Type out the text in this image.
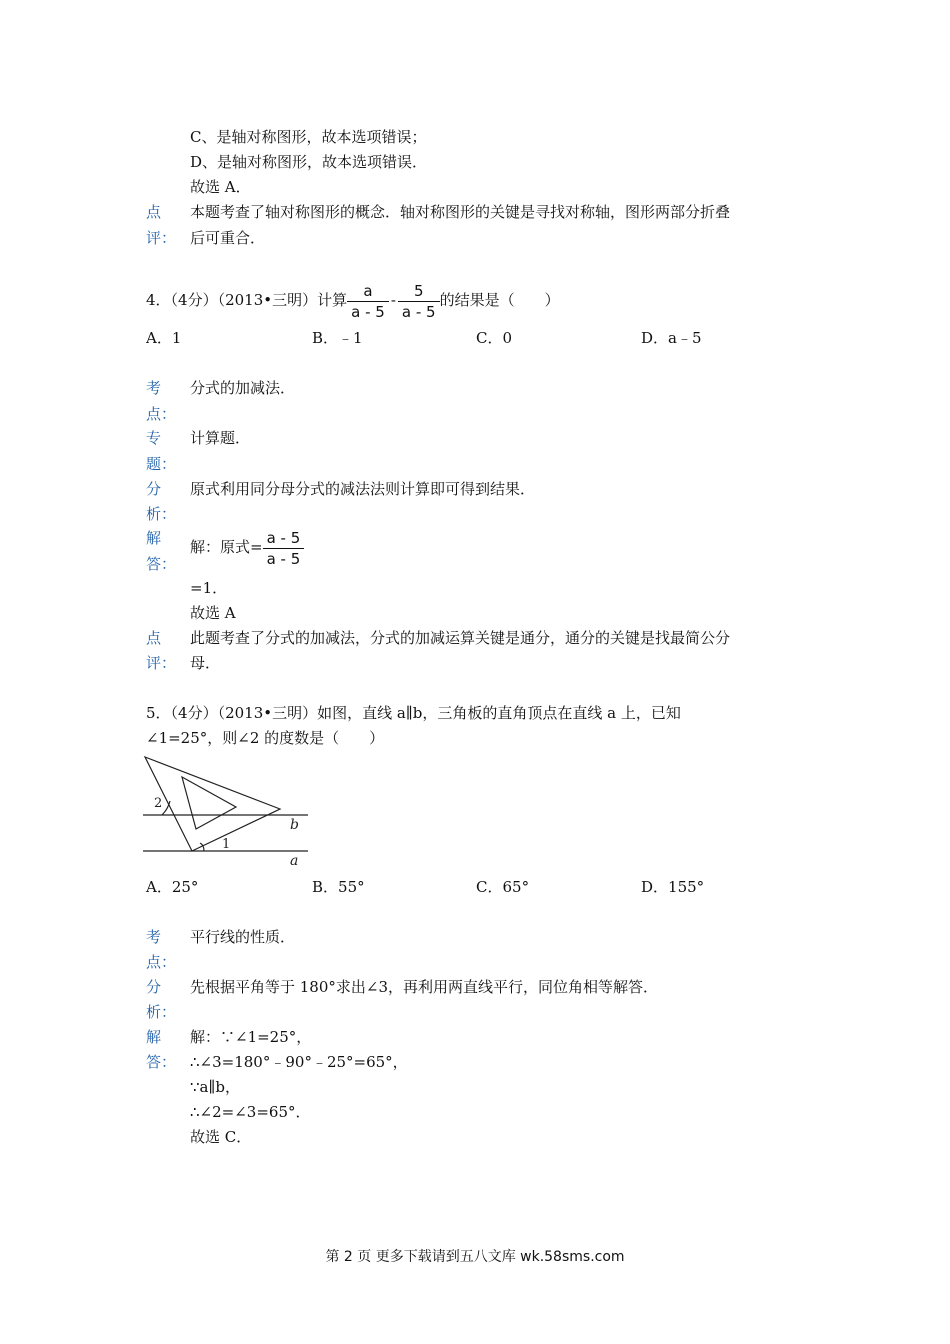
C、是轴对称图形，故本选项错误；
D、是轴对称图形，故本选项错误．
故选 A．
点
评：
本题考查了轴对称图形的概念．轴对称图形的关键是寻找对称轴，图形两部分折叠
后可重合．
4．（4分）（2013•三明）计算 $\frac{a}{a - 5} - \frac{5}{a - 5}$ 的结果是（　　）
A．1	B．﹣1	C．0	D．a﹣5
考
点：
分式的加减法．
专
题：
计算题．
分
析：
原式利用同分母分式的减法法则计算即可得到结果．
解
答：
解：原式= $\frac{a - 5}{a - 5}$
=1．
故选 A
点
评：
此题考查了分式的加减法，分式的加减运算关键是通分，通分的关键是找最简公分
母．
5．（4分）（2013•三明）如图，直线 a∥b，三角板的直角顶点在直线 a 上，已知
∠1=25°，则∠2 的度数是（　　）
2
1
b
a
A．25°	B．55°	C．65°	D．155°
考
点：
平行线的性质．
分
析：
先根据平角等于 180°求出∠3，再利用两直线平行，同位角相等解答．
解
答：
解：∵∠1=25°，
∴∠3=180°﹣90°﹣25°=65°，
∵a∥b，
∴∠2=∠3=65°．
故选 C．
第 2 页 更多下载请到五八文库 wk.58sms.com
